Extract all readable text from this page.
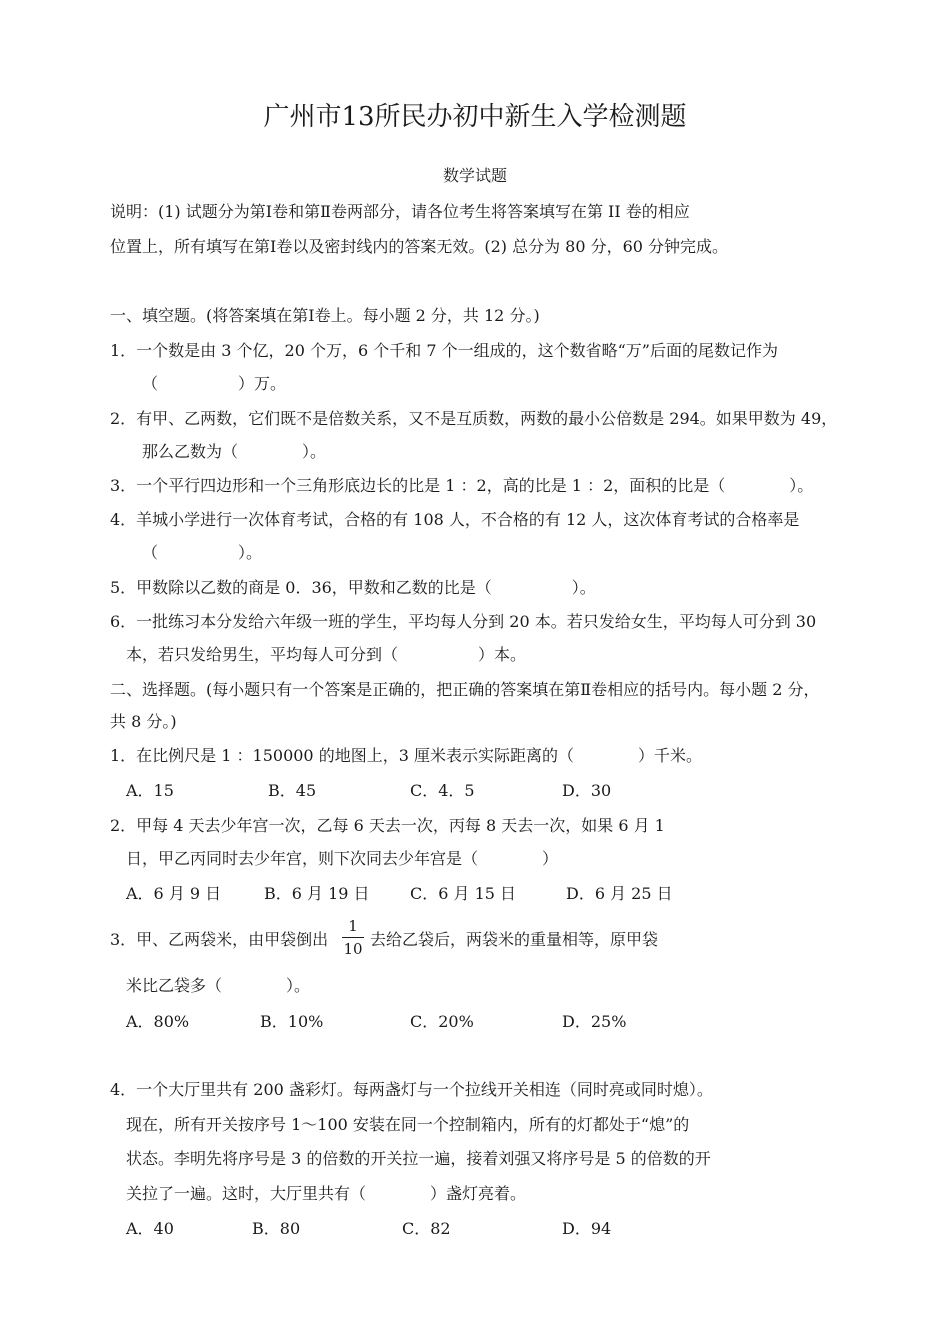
广州市13所民办初中新生入学检测题
数学试题
说明：(1) 试题分为第Ⅰ卷和第Ⅱ卷两部分，请各位考生将答案填写在第 II 卷的相应
位置上，所有填写在第Ⅰ卷以及密封线内的答案无效。(2) 总分为 80 分，60 分钟完成。
一、填空题。(将答案填在第Ⅰ卷上。每小题 2 分，共 12 分。)
1．一个数是由 3 个亿，20 个万，6 个千和 7 个一组成的，这个数省略“万”后面的尾数记作为
（　　　　　）万。
2．有甲、乙两数，它们既不是倍数关系，又不是互质数，两数的最小公倍数是 294。如果甲数为 49，
那么乙数为（　　　　）。
3．一个平行四边形和一个三角形底边长的比是 1 ：2，高的比是 1 ：2，面积的比是（　　　　）。
4．羊城小学进行一次体育考试，合格的有 108 人，不合格的有 12 人，这次体育考试的合格率是
（　　　　　）。
5．甲数除以乙数的商是 0．36，甲数和乙数的比是（　　　　　）。
6．一批练习本分发给六年级一班的学生，平均每人分到 20 本。若只发给女生，平均每人可分到 30
本，若只发给男生，平均每人可分到（　　　　　）本。
二、选择题。(每小题只有一个答案是正确的，把正确的答案填在第Ⅱ卷相应的括号内。每小题 2 分，
共 8 分。)
1．在比例尺是 1 ：150000 的地图上，3 厘米表示实际距离的（　　　　）千米。
A．15	B．45	C．4．5	D．30
2．甲每 4 天去少年宫一次，乙每 6 天去一次，丙每 8 天去一次，如果 6 月 1
日，甲乙丙同时去少年宫，则下次同去少年宫是（　　　　）
A．6 月 9 日	B．6 月 19 日	C．6 月 15 日	D．6 月 25 日
3．甲、乙两袋米，由甲袋倒出
1
10 去给乙袋后，两袋米的重量相等，原甲袋
米比乙袋多（　　　　）。
A．80%	B．10%	C．20%	D．25%
4．一个大厅里共有 200 盏彩灯。每两盏灯与一个拉线开关相连（同时亮或同时熄）。
现在，所有开关按序号 1～100 安装在同一个控制箱内，所有的灯都处于“熄”的
状态。李明先将序号是 3 的倍数的开关拉一遍，接着刘强又将序号是 5 的倍数的开
关拉了一遍。这时，大厅里共有（　　　　）盏灯亮着。
A．40	B．80	C．82	D．94
